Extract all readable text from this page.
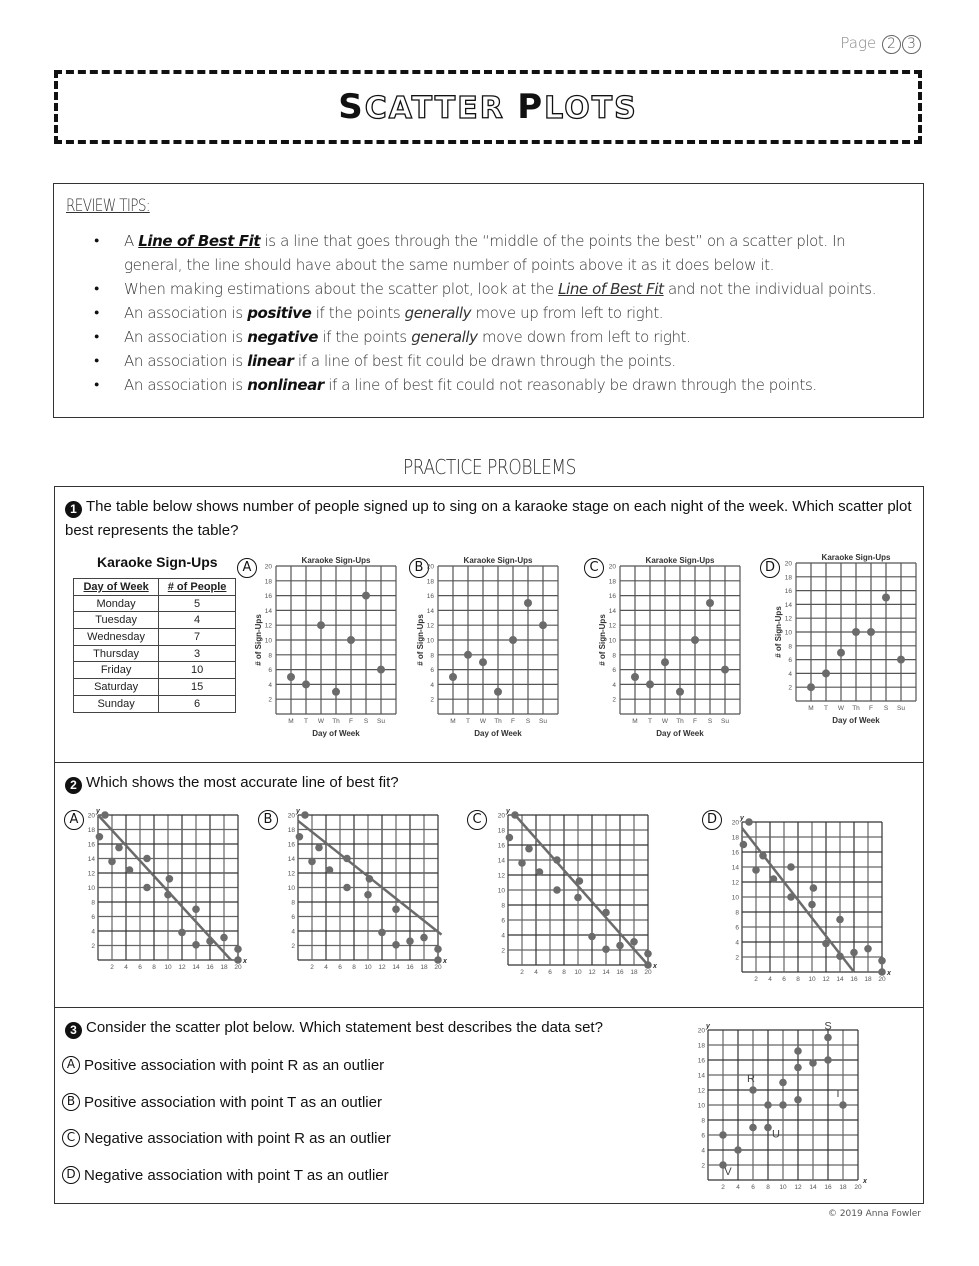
Page 2 3
SCATTER PLOTS
REVIEW TIPS:
● A Line of Best Fit is a line that goes through the “middle of the points the best” on a scatter plot. In general, the line should have about the same number of points above it as it does below it.
● When making estimations about the scatter plot, look at the Line of Best Fit and not the individual points.
● An association is positive if the points generally move up from left to right.
● An association is negative if the points generally move down from left to right.
● An association is linear if a line of best fit could be drawn through the points.
● An association is nonlinear if a line of best fit could not reasonably be drawn through the points.
PRACTICE PROBLEMS
1 The table below shows number of people signed up to sing on a karaoke stage on each night of the week. Which scatter plot best represents the table?
Karaoke Sign-Ups
Day of Week	# of People
Monday	5
Tuesday	4
Wednesday	7
Thursday	3
Friday	10
Saturday	15
Sunday	6
A	Karaoke Sign-Ups
2
4
6
8
10
12
14
16
18
20
M T W Th F S Su
Day of Week
# of Sign-Ups
B	Karaoke Sign-Ups
2
4
6
8
10
12
14
16
18
20
M T W Th F S Su
Day of Week
# of Sign-Ups
C	Karaoke Sign-Ups
2
4
6
8
10
12
14
16
18
20
M T W Th F S Su
Day of Week
# of Sign-Ups
D
Karaoke Sign-Ups
2
4
6
8
10
12
14
16
18
20
M T W Th F S Su
Day of Week
# of Sign-Ups
2 Which shows the most accurate line of best fit?
A
2
2
4
4
6
6
8
8
10
10
12
12
14
14
16
16
18
18
20
20
y
x
B
2
2
4
4
6
6
8
8
10
10
12
12
14
14
16
16
18
18
20
20
y
x
C
2
2
4
4
6
6
8
8
10
10
12
12
14
14
16
16
18
18
20
20
y
x
D
2
2
4
4
6
6
8
8
10
10
12
12
14
14
16
16
18
18
20
20
y
x
3 Consider the scatter plot below. Which statement best describes the data set?
A Positive association with point R as an outlier
B Positive association with point T as an outlier
C Negative association with point R as an outlier
D Negative association with point T as an outlier
2
2
4
4
6
6
8
8
10
10
12
12
14
14
16
16
18
18
20
20
y
x
V
R
U
S
T
© 2019 Anna Fowler
